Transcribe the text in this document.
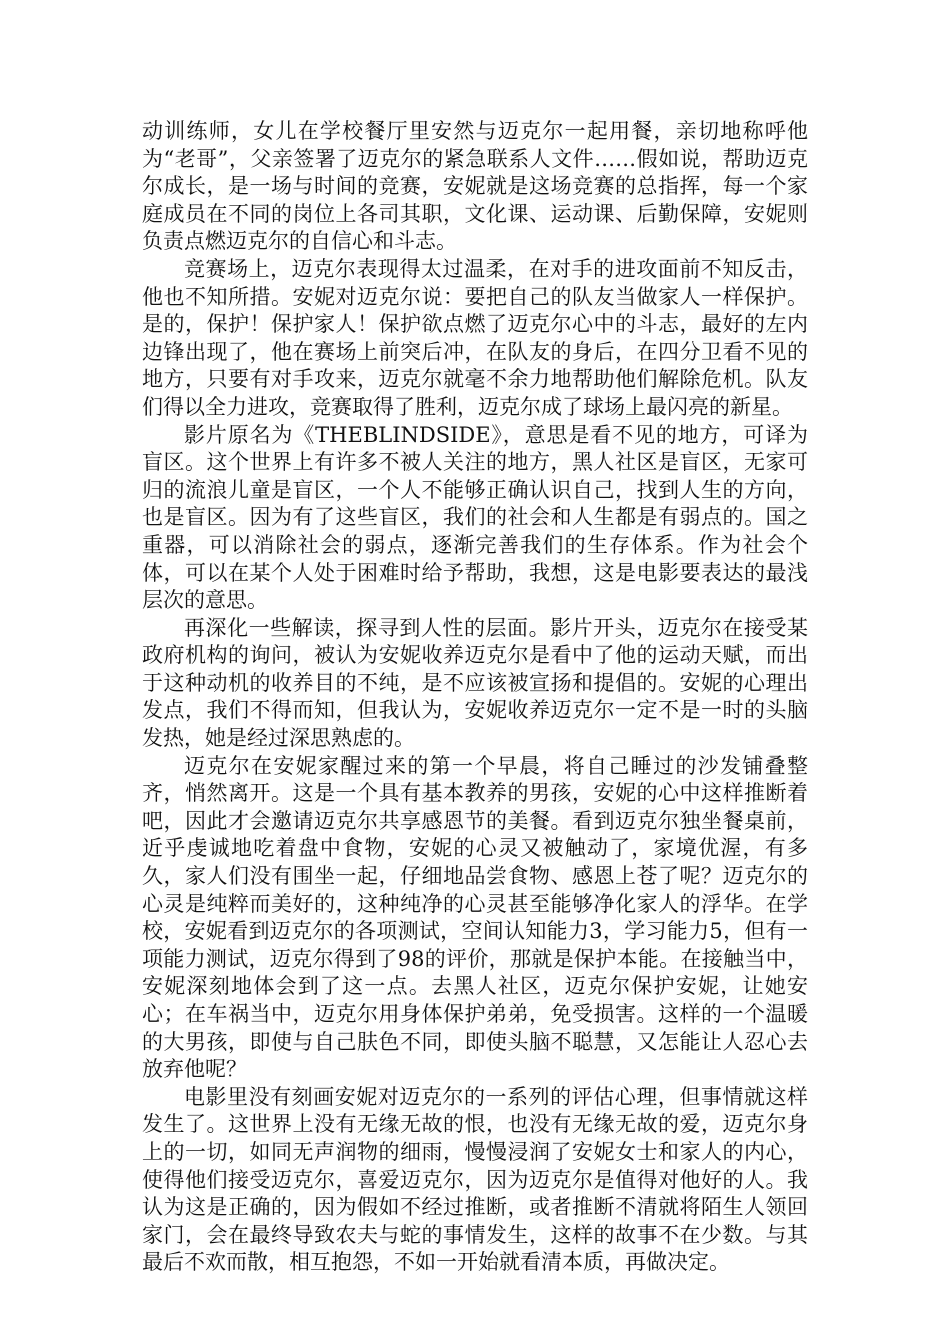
动训练师，女儿在学校餐厅里安然与迈克尔一起用餐，亲切地称呼他为“老哥”，父亲签署了迈克尔的紧急联系人文件……假如说，帮助迈克尔成长，是一场与时间的竞赛，安妮就是这场竞赛的总指挥，每一个家庭成员在不同的岗位上各司其职，文化课、运动课、后勤保障，安妮则负责点燃迈克尔的自信心和斗志。

竞赛场上，迈克尔表现得太过温柔，在对手的进攻面前不知反击，他也不知所措。安妮对迈克尔说：要把自己的队友当做家人一样保护。是的，保护！保护家人！保护欲点燃了迈克尔心中的斗志，最好的左内边锋出现了，他在赛场上前突后冲，在队友的身后，在四分卫看不见的地方，只要有对手攻来，迈克尔就毫不余力地帮助他们解除危机。队友们得以全力进攻，竞赛取得了胜利，迈克尔成了球场上最闪亮的新星。

影片原名为《THEBLINDSIDE》，意思是看不见的地方，可译为盲区。这个世界上有许多不被人关注的地方，黑人社区是盲区，无家可归的流浪儿童是盲区，一个人不能够正确认识自己，找到人生的方向，也是盲区。因为有了这些盲区，我们的社会和人生都是有弱点的。国之重器，可以消除社会的弱点，逐渐完善我们的生存体系。作为社会个体，可以在某个人处于困难时给予帮助，我想，这是电影要表达的最浅层次的意思。

再深化一些解读，探寻到人性的层面。影片开头，迈克尔在接受某政府机构的询问，被认为安妮收养迈克尔是看中了他的运动天赋，而出于这种动机的收养目的不纯，是不应该被宣扬和提倡的。安妮的心理出发点，我们不得而知，但我认为，安妮收养迈克尔一定不是一时的头脑发热，她是经过深思熟虑的。

迈克尔在安妮家醒过来的第一个早晨，将自己睡过的沙发铺叠整齐，悄然离开。这是一个具有基本教养的男孩，安妮的心中这样推断着吧，因此才会邀请迈克尔共享感恩节的美餐。看到迈克尔独坐餐桌前，近乎虔诚地吃着盘中食物，安妮的心灵又被触动了，家境优渥，有多久，家人们没有围坐一起，仔细地品尝食物、感恩上苍了呢？迈克尔的心灵是纯粹而美好的，这种纯净的心灵甚至能够净化家人的浮华。在学校，安妮看到迈克尔的各项测试，空间认知能力3，学习能力5，但有一项能力测试，迈克尔得到了98的评价，那就是保护本能。在接触当中，安妮深刻地体会到了这一点。去黑人社区，迈克尔保护安妮，让她安心；在车祸当中，迈克尔用身体保护弟弟，免受损害。这样的一个温暖的大男孩，即使与自己肤色不同，即使头脑不聪慧，又怎能让人忍心去放弃他呢？

电影里没有刻画安妮对迈克尔的一系列的评估心理，但事情就这样发生了。这世界上没有无缘无故的恨，也没有无缘无故的爱，迈克尔身上的一切，如同无声润物的细雨，慢慢浸润了安妮女士和家人的内心，使得他们接受迈克尔，喜爱迈克尔，因为迈克尔是值得对他好的人。我认为这是正确的，因为假如不经过推断，或者推断不清就将陌生人领回家门，会在最终导致农夫与蛇的事情发生，这样的故事不在少数。与其最后不欢而散，相互抱怨，不如一开始就看清本质，再做决定。
